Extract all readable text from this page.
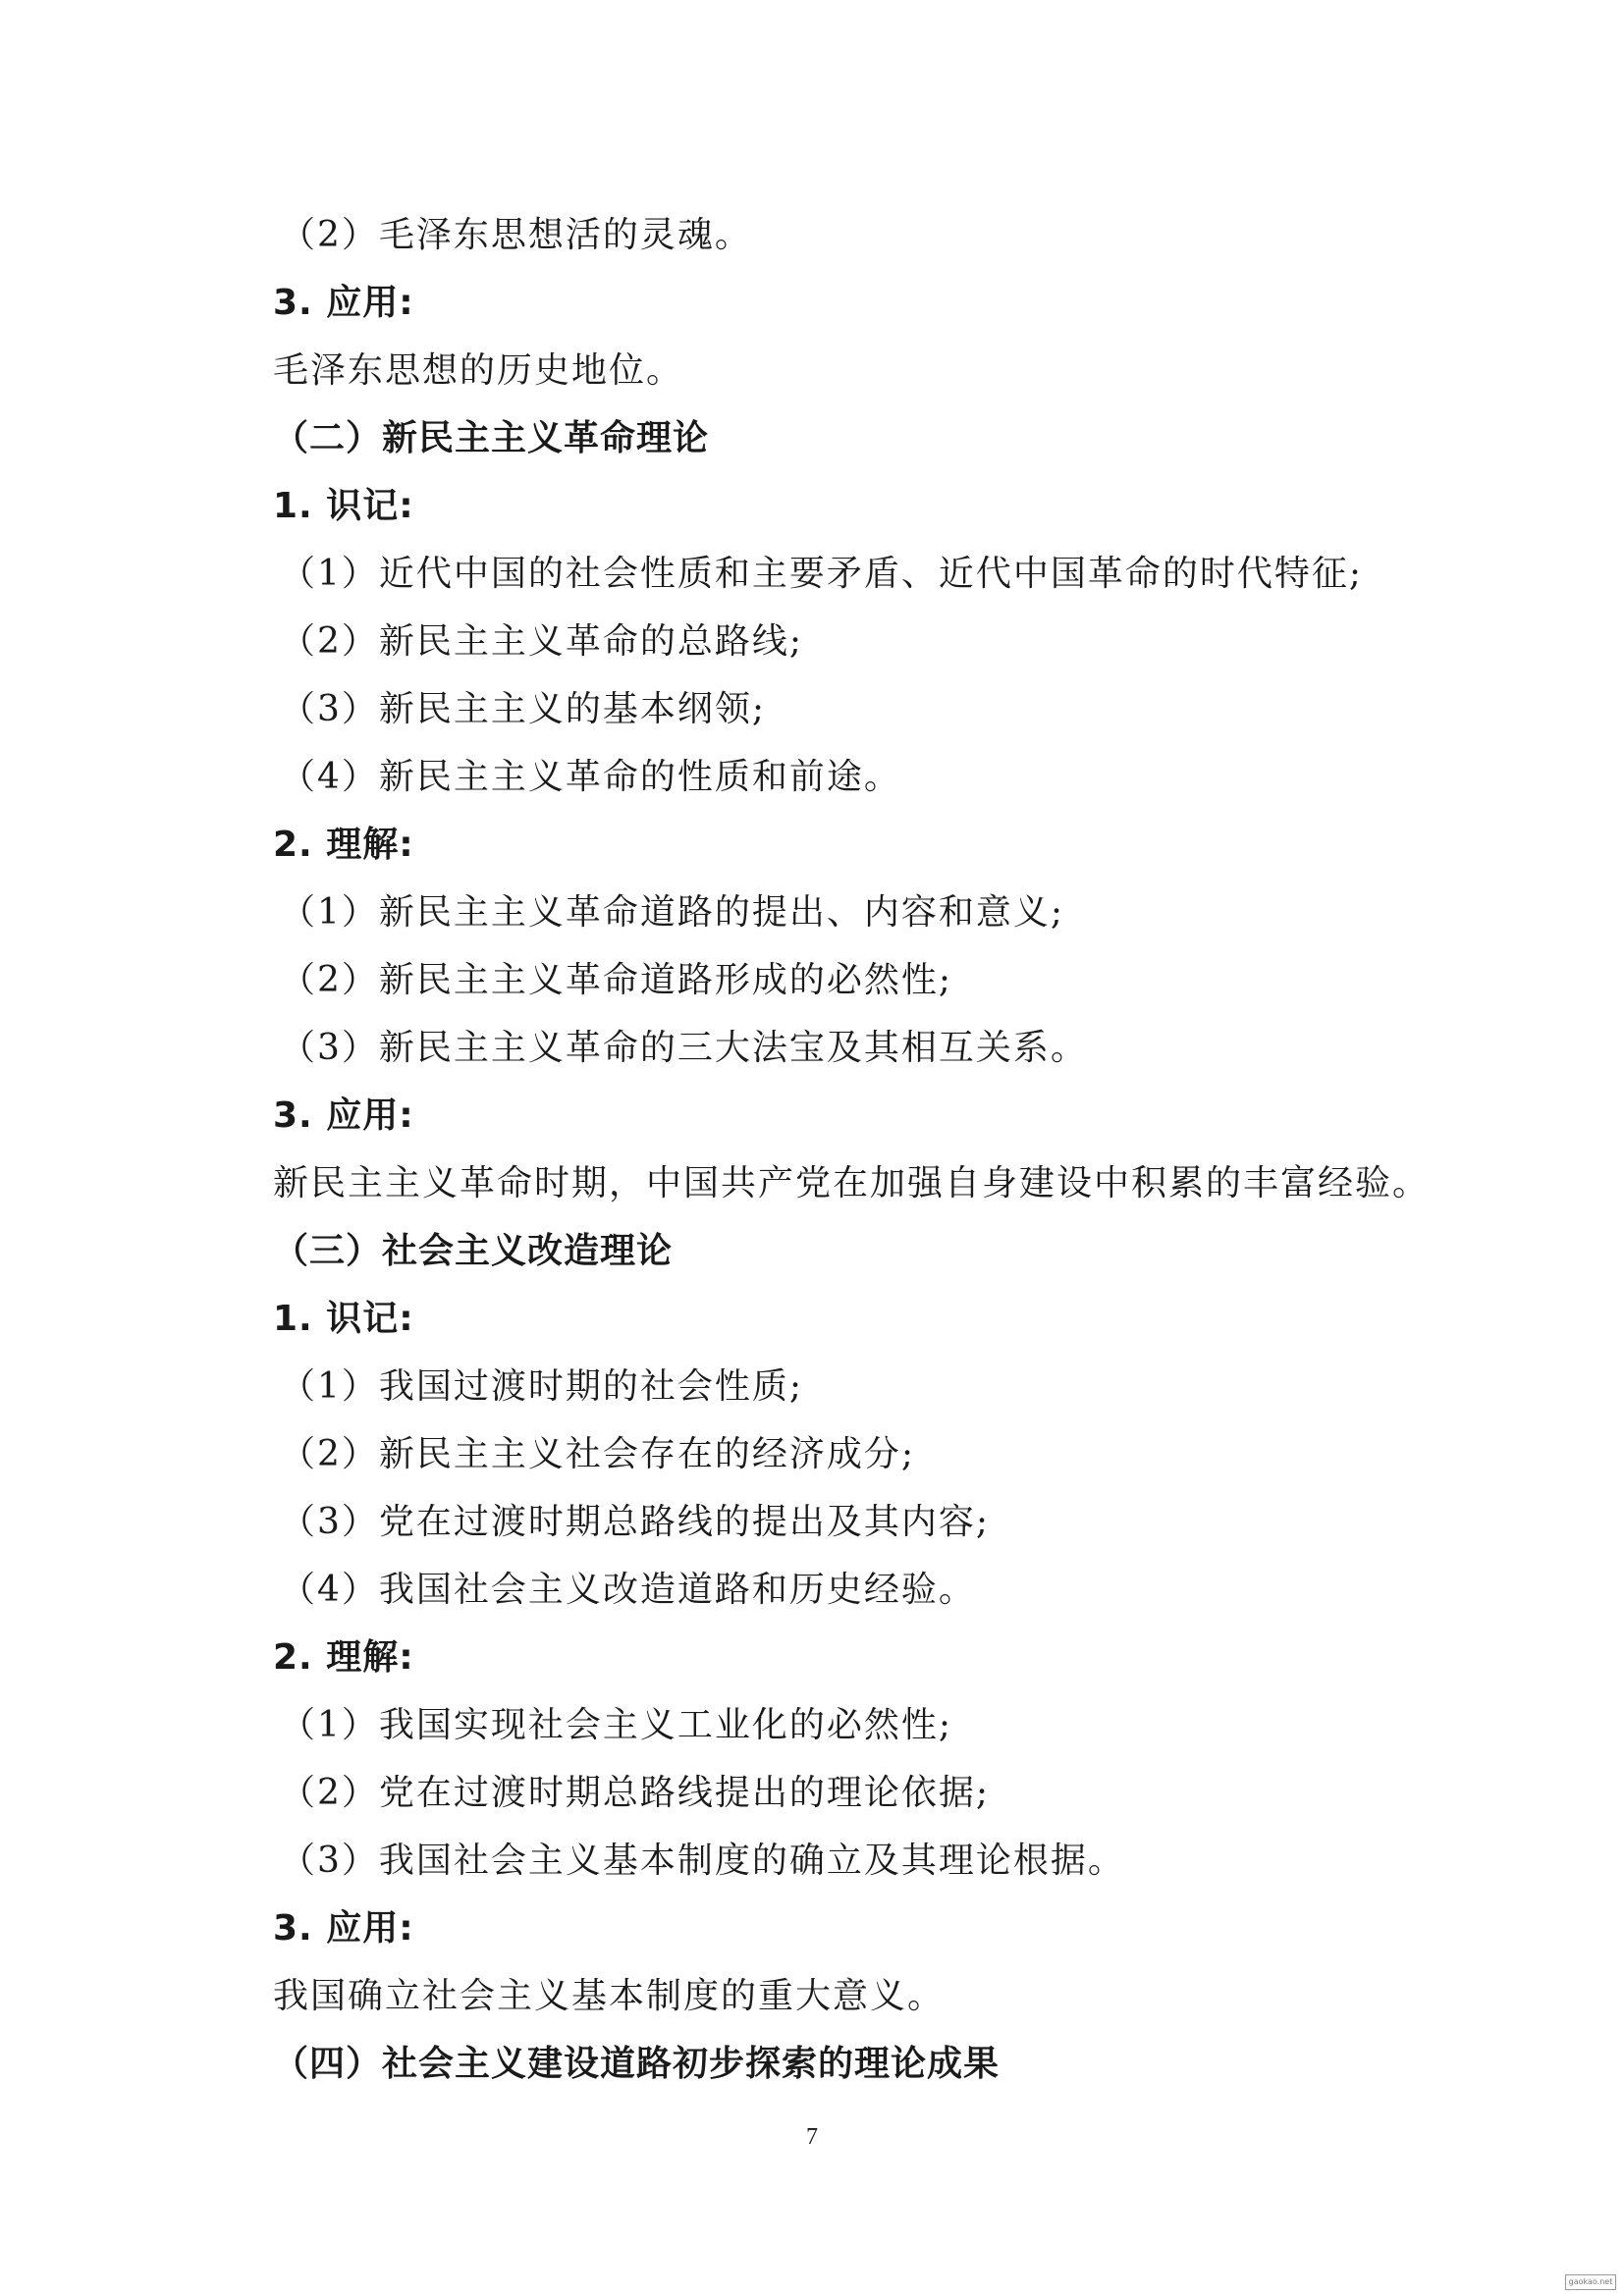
（2）毛泽东思想活的灵魂。
3. 应用:
毛泽东思想的历史地位。
（二）新民主主义革命理论
1. 识记:
（1）近代中国的社会性质和主要矛盾、近代中国革命的时代特征;
（2）新民主主义革命的总路线;
（3）新民主主义的基本纲领;
（4）新民主主义革命的性质和前途。
2. 理解:
（1）新民主主义革命道路的提出、内容和意义;
（2）新民主主义革命道路形成的必然性;
（3）新民主主义革命的三大法宝及其相互关系。
3. 应用:
新民主主义革命时期，中国共产党在加强自身建设中积累的丰富经验。
（三）社会主义改造理论
1. 识记:
（1）我国过渡时期的社会性质;
（2）新民主主义社会存在的经济成分;
（3）党在过渡时期总路线的提出及其内容;
（4）我国社会主义改造道路和历史经验。
2. 理解:
（1）我国实现社会主义工业化的必然性;
（2）党在过渡时期总路线提出的理论依据;
（3）我国社会主义基本制度的确立及其理论根据。
3. 应用:
我国确立社会主义基本制度的重大意义。
（四）社会主义建设道路初步探索的理论成果
7
gaokao.net
